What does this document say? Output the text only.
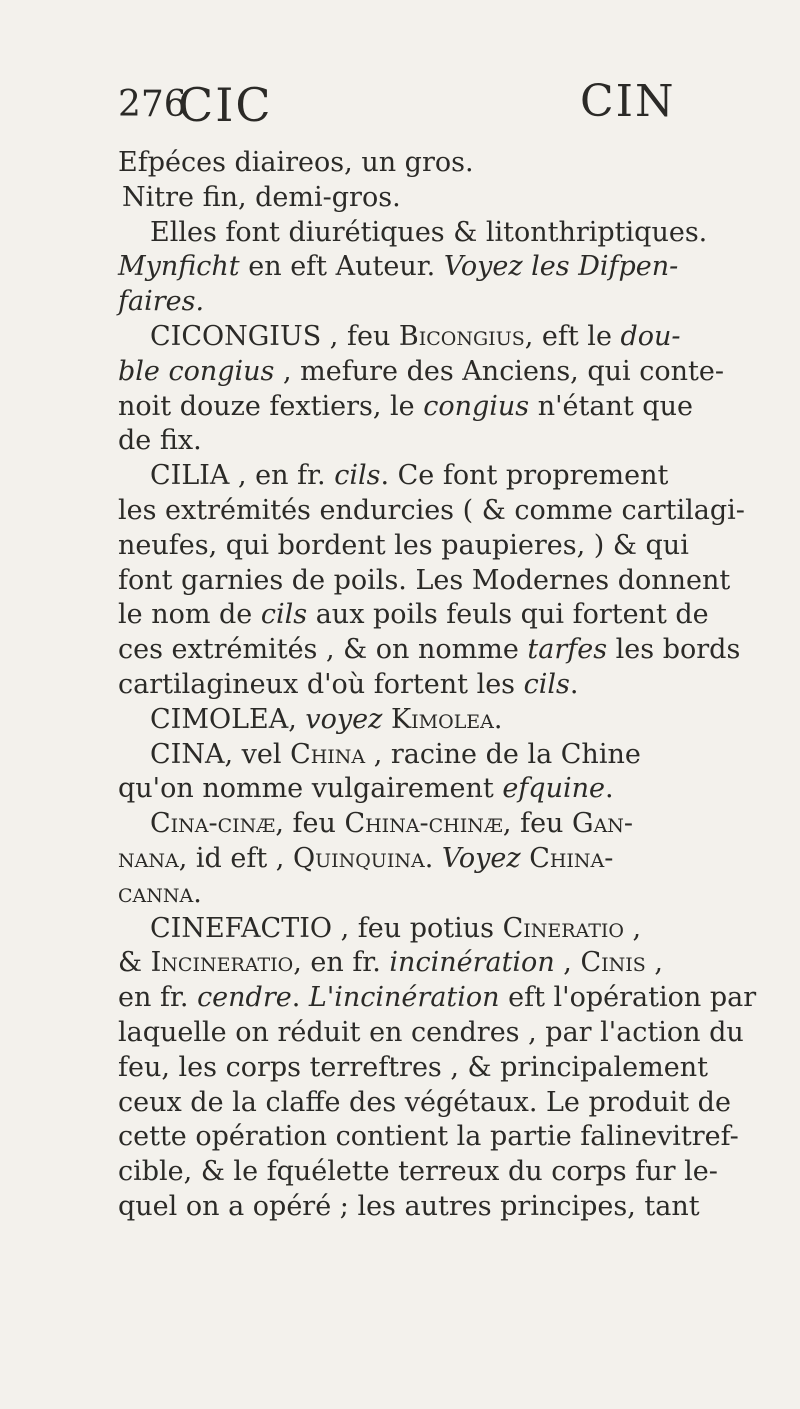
276
CIC	CIN
Efpéces diaireos, un gros.
Nitre fin, demi-gros.
Elles font diurétiques & litonthriptiques.
Mynficht en eft Auteur. Voyez les Difpen-
faires.
CICONGIUS , feu Bicongius, eft le dou-
ble congius , mefure des Anciens, qui conte-
noit douze fextiers, le congius n'étant que
de fix.
CILIA , en fr. cils. Ce font proprement
les extrémités endurcies ( & comme cartilagi-
neufes, qui bordent les paupieres, ) & qui
font garnies de poils. Les Modernes donnent
le nom de cils aux poils feuls qui fortent de
ces extrémités , & on nomme tarfes les bords
cartilagineux d'où fortent les cils.
CIMOLEA, voyez Kimolea.
CINA, vel China , racine de la Chine
qu'on nomme vulgairement efquine.
Cina-cinæ, feu China-chinæ, feu Gan-
nana, id eft , Quinquina. Voyez China-
canna.
CINEFACTIO , feu potius Cineratio ,
& Incineratio, en fr. incinération , Cinis ,
en fr. cendre. L'incinération eft l'opération par
laquelle on réduit en cendres , par l'action du
feu, les corps terreftres , & principalement
ceux de la claffe des végétaux. Le produit de
cette opération contient la partie falinevitref-
cible, & le fquélette terreux du corps fur le-
quel on a opéré ; les autres principes, tant
